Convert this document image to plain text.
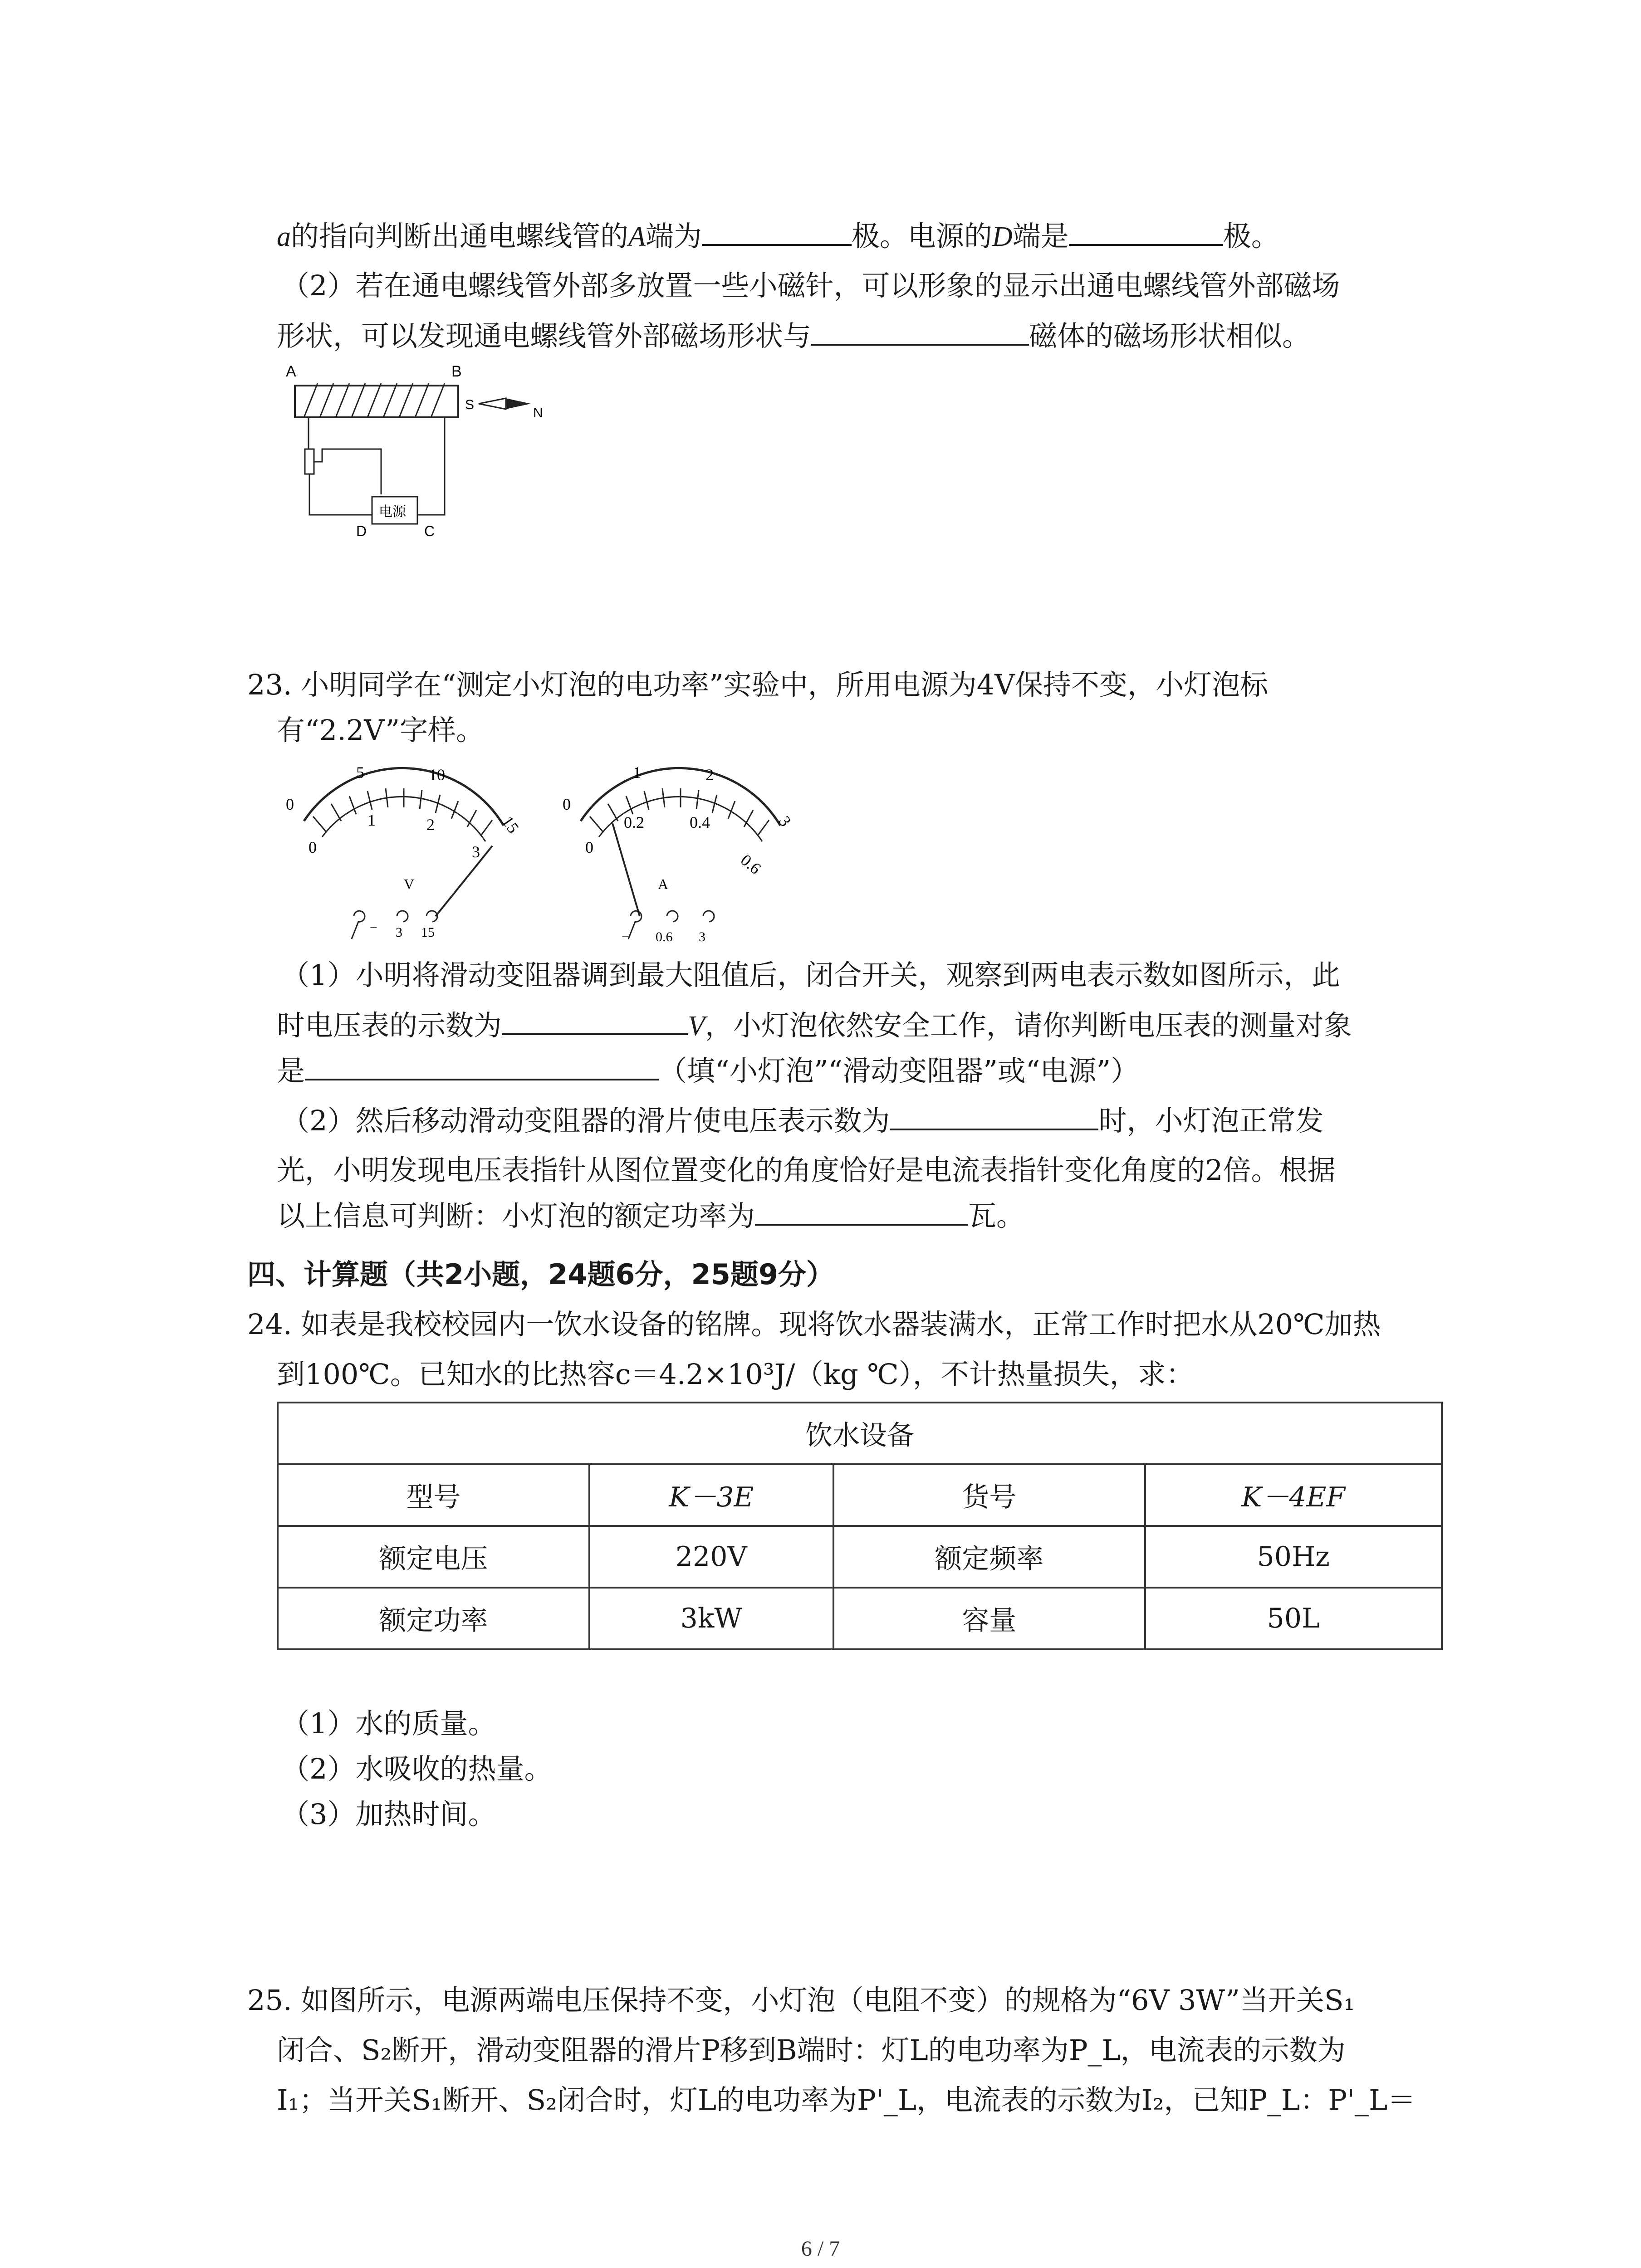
a的指向判断出通电螺线管的A端为	极。电源的D端是	极。
（2）若在通电螺线管外部多放置一些小磁针，可以形象的显示出通电螺线管外部磁场
形状，可以发现通电螺线管外部磁场形状与	磁体的磁场形状相似。
A	B
S
N
电源
D	C
23. 小明同学在“测定小灯泡的电功率”实验中，所用电源为4V保持不变，小灯泡标
有“2.2V”字样。
0
5	10
15
0
1	2
3
V
− 3 15
0
1	2
3
0
0.2	0.4
0.6
A
− 0.6 3
（1）小明将滑动变阻器调到最大阻值后，闭合开关，观察到两电表示数如图所示，此
时电压表的示数为	V，小灯泡依然安全工作，请你判断电压表的测量对象
是	（填“小灯泡”“滑动变阻器”或“电源”）
（2）然后移动滑动变阻器的滑片使电压表示数为	时，小灯泡正常发
光，小明发现电压表指针从图位置变化的角度恰好是电流表指针变化角度的2倍。根据
以上信息可判断：小灯泡的额定功率为	瓦。
四、计算题（共2小题，24题6分，25题9分）
24. 如表是我校校园内一饮水设备的铭牌。现将饮水器装满水，正常工作时把水从20℃加热
到100℃。已知水的比热容c＝4.2×10³J/（kg ℃），不计热量损失，求：
饮水设备			
型号	K－3E	货号	K－4EF
额定电压	220V	额定频率	50Hz
额定功率	3kW	容量	50L
（1）水的质量。
（2）水吸收的热量。
（3）加热时间。
25. 如图所示，电源两端电压保持不变，小灯泡（电阻不变）的规格为“6V 3W”当开关S₁
闭合、S₂断开，滑动变阻器的滑片P移到B端时：灯L的电功率为P_L，电流表的示数为
I₁；当开关S₁断开、S₂闭合时，灯L的电功率为P'_L，电流表的示数为I₂，已知P_L：P'_L＝
6 / 7
